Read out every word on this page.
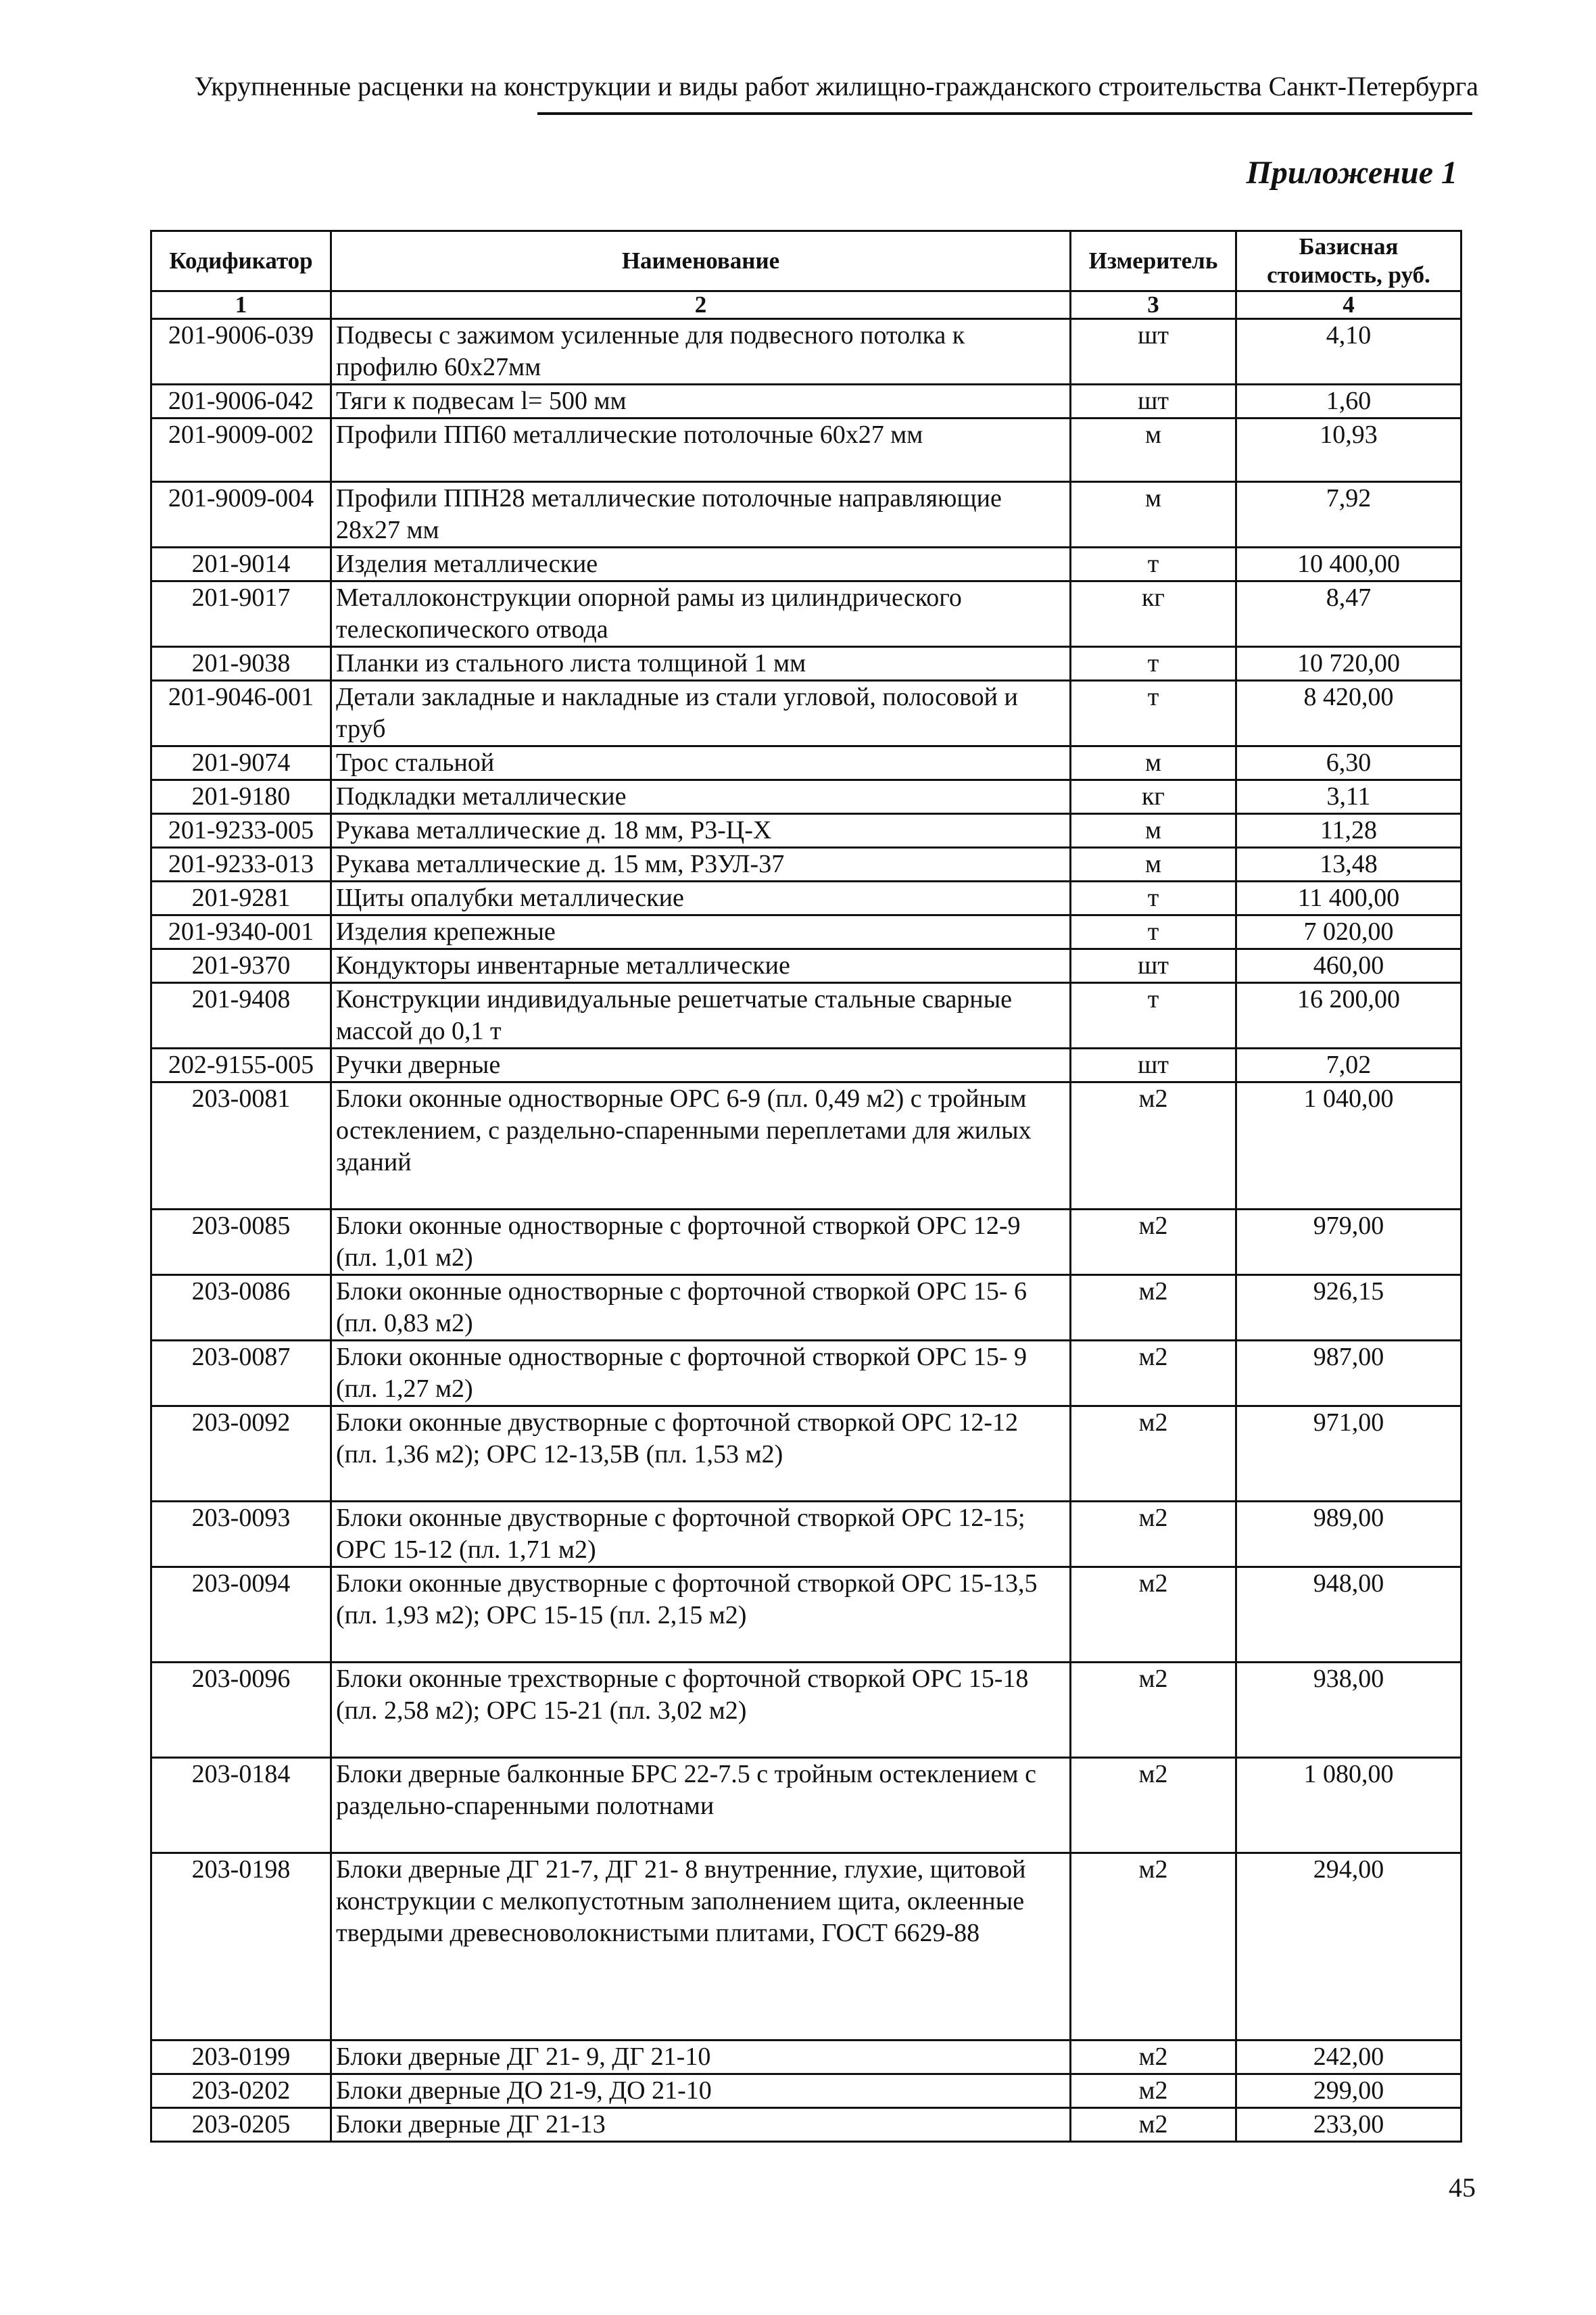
Укрупненные расценки на конструкции и виды работ жилищно-гражданского строительства Санкт-Петербурга
Приложение 1
Кодификатор	Наименование	Измеритель	Базисная стоимость, руб.
1	2	3	4
201-9006-039	Подвесы с зажимом усиленные для подвесного потолка к профилю 60х27мм	шт	4,10
201-9006-042	Тяги к подвесам l= 500 мм	шт	1,60
201-9009-002	Профили ПП60 металлические потолочные 60х27 мм	м	10,93
201-9009-004	Профили ППН28 металлические потолочные направляющие 28х27 мм	м	7,92
201-9014	Изделия металлические	т	10 400,00
201-9017	Металлоконструкции опорной рамы из цилиндрического телескопического отвода	кг	8,47
201-9038	Планки из стального листа толщиной 1 мм	т	10 720,00
201-9046-001	Детали закладные и накладные из стали угловой, полосовой и труб	т	8 420,00
201-9074	Трос стальной	м	6,30
201-9180	Подкладки металлические	кг	3,11
201-9233-005	Рукава металлические д. 18 мм, Р3-Ц-Х	м	11,28
201-9233-013	Рукава металлические д. 15 мм, Р3УЛ-37	м	13,48
201-9281	Щиты опалубки металлические	т	11 400,00
201-9340-001	Изделия крепежные	т	7 020,00
201-9370	Кондукторы инвентарные металлические	шт	460,00
201-9408	Конструкции индивидуальные решетчатые стальные сварные массой до 0,1 т	т	16 200,00
202-9155-005	Ручки дверные	шт	7,02
203-0081	Блоки оконные одностворные ОРС 6-9 (пл. 0,49 м2) с тройным остеклением, с раздельно-спаренными переплетами для жилых зданий	м2	1 040,00
203-0085	Блоки оконные одностворные с форточной створкой ОРС 12-9 (пл. 1,01 м2)	м2	979,00
203-0086	Блоки оконные одностворные с форточной створкой ОРС 15- 6 (пл. 0,83 м2)	м2	926,15
203-0087	Блоки оконные одностворные с форточной створкой ОРС 15- 9 (пл. 1,27 м2)	м2	987,00
203-0092	Блоки оконные двустворные с форточной створкой ОРС 12-12 (пл. 1,36 м2); ОРС 12-13,5В (пл. 1,53 м2)	м2	971,00
203-0093	Блоки оконные двустворные с форточной створкой ОРС 12-15; ОРС 15-12 (пл. 1,71 м2)	м2	989,00
203-0094	Блоки оконные двустворные с форточной створкой ОРС 15-13,5 (пл. 1,93 м2); ОРС 15-15 (пл. 2,15 м2)	м2	948,00
203-0096	Блоки оконные трехстворные с форточной створкой ОРС 15-18 (пл. 2,58 м2); ОРС 15-21 (пл. 3,02 м2)	м2	938,00
203-0184	Блоки дверные балконные БРС 22-7.5 с тройным остеклением с раздельно-спаренными полотнами	м2	1 080,00
203-0198	Блоки дверные ДГ 21-7, ДГ 21- 8 внутренние, глухие, щитовой конструкции с мелкопустотным заполнением щита, оклеенные твердыми древесноволокнистыми плитами, ГОСТ 6629-88	м2	294,00
203-0199	Блоки дверные ДГ 21- 9, ДГ 21-10	м2	242,00
203-0202	Блоки дверные ДО 21-9, ДО 21-10	м2	299,00
203-0205	Блоки дверные ДГ 21-13	м2	233,00
45
